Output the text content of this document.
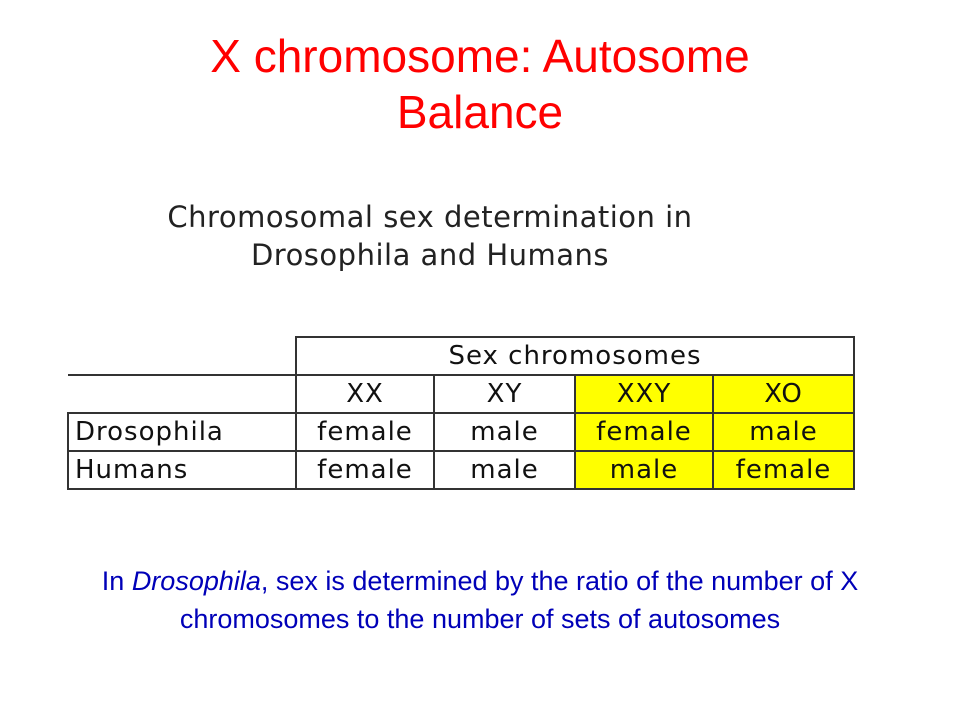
X chromosome: Autosome
Balance
Chromosomal sex determination in
Drosophila and Humans
	Sex chromosomes			
	XX	XY	XXY	XO
Drosophila	female	male	female	male
Humans	female	male	male	female

In Drosophila, sex is determined by the ratio of the number of X chromosomes to the number of sets of autosomes
